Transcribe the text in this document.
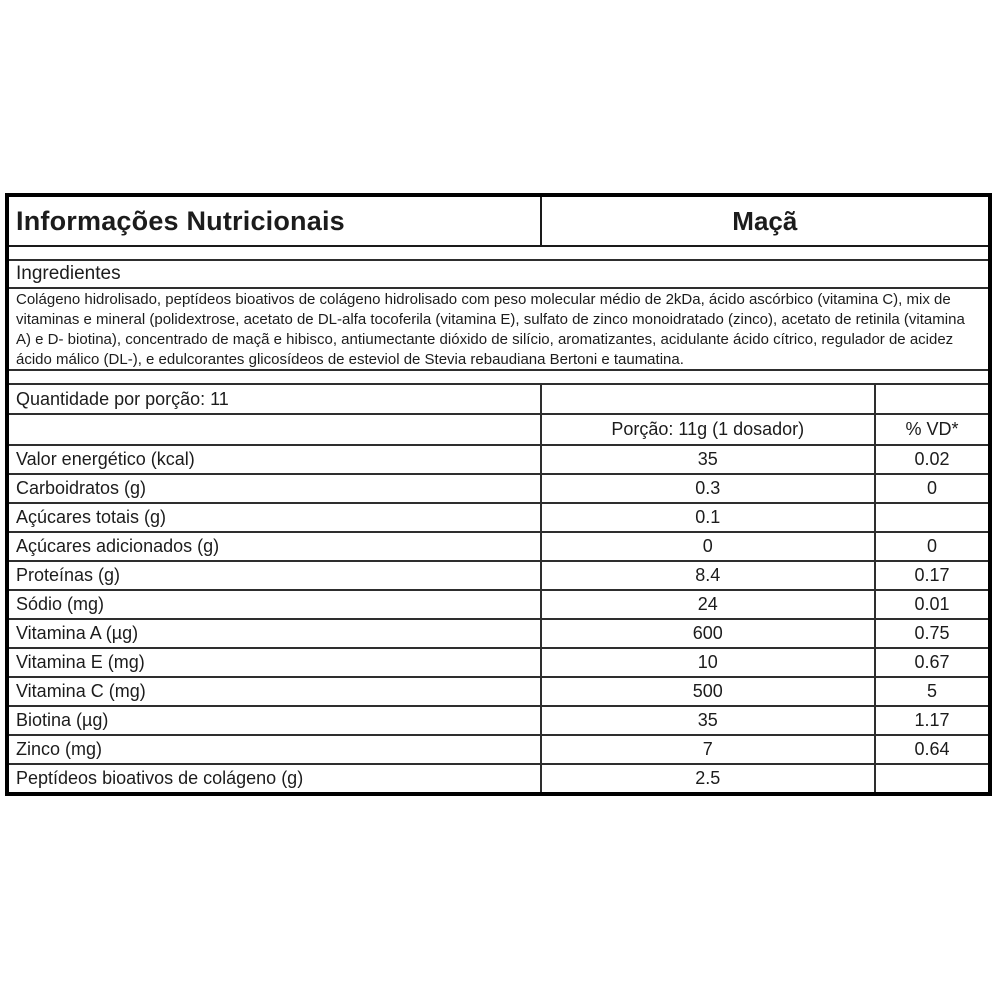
Informações Nutricionais	Maçã
Ingredientes
Colágeno hidrolisado, peptídeos bioativos de colágeno hidrolisado com peso molecular médio de 2kDa, ácido ascórbico (vitamina C), mix de vitaminas e mineral (polidextrose, acetato de DL-alfa tocoferila (vitamina E), sulfato de zinco monoidratado (zinco), acetato de retinila (vitamina A) e D- biotina), concentrado de maçã e hibisco, antiumectante dióxido de silício, aromatizantes, acidulante ácido cítrico, regulador de acidez ácido málico (DL-), e edulcorantes glicosídeos de esteviol de Stevia rebaudiana Bertoni e taumatina.
Quantidade por porção: 11
Porção: 11g (1 dosador)	% VD*
Valor energético (kcal)	35	0.02
Carboidratos (g)	0.3	0
Açúcares totais (g)	0.1
Açúcares adicionados (g)	0	0
Proteínas (g)	8.4	0.17
Sódio (mg)	24	0.01
Vitamina A (µg)	600	0.75
Vitamina E (mg)	10	0.67
Vitamina C (mg)	500	5
Biotina (µg)	35	1.17
Zinco (mg)	7	0.64
Peptídeos bioativos de colágeno (g)	2.5
